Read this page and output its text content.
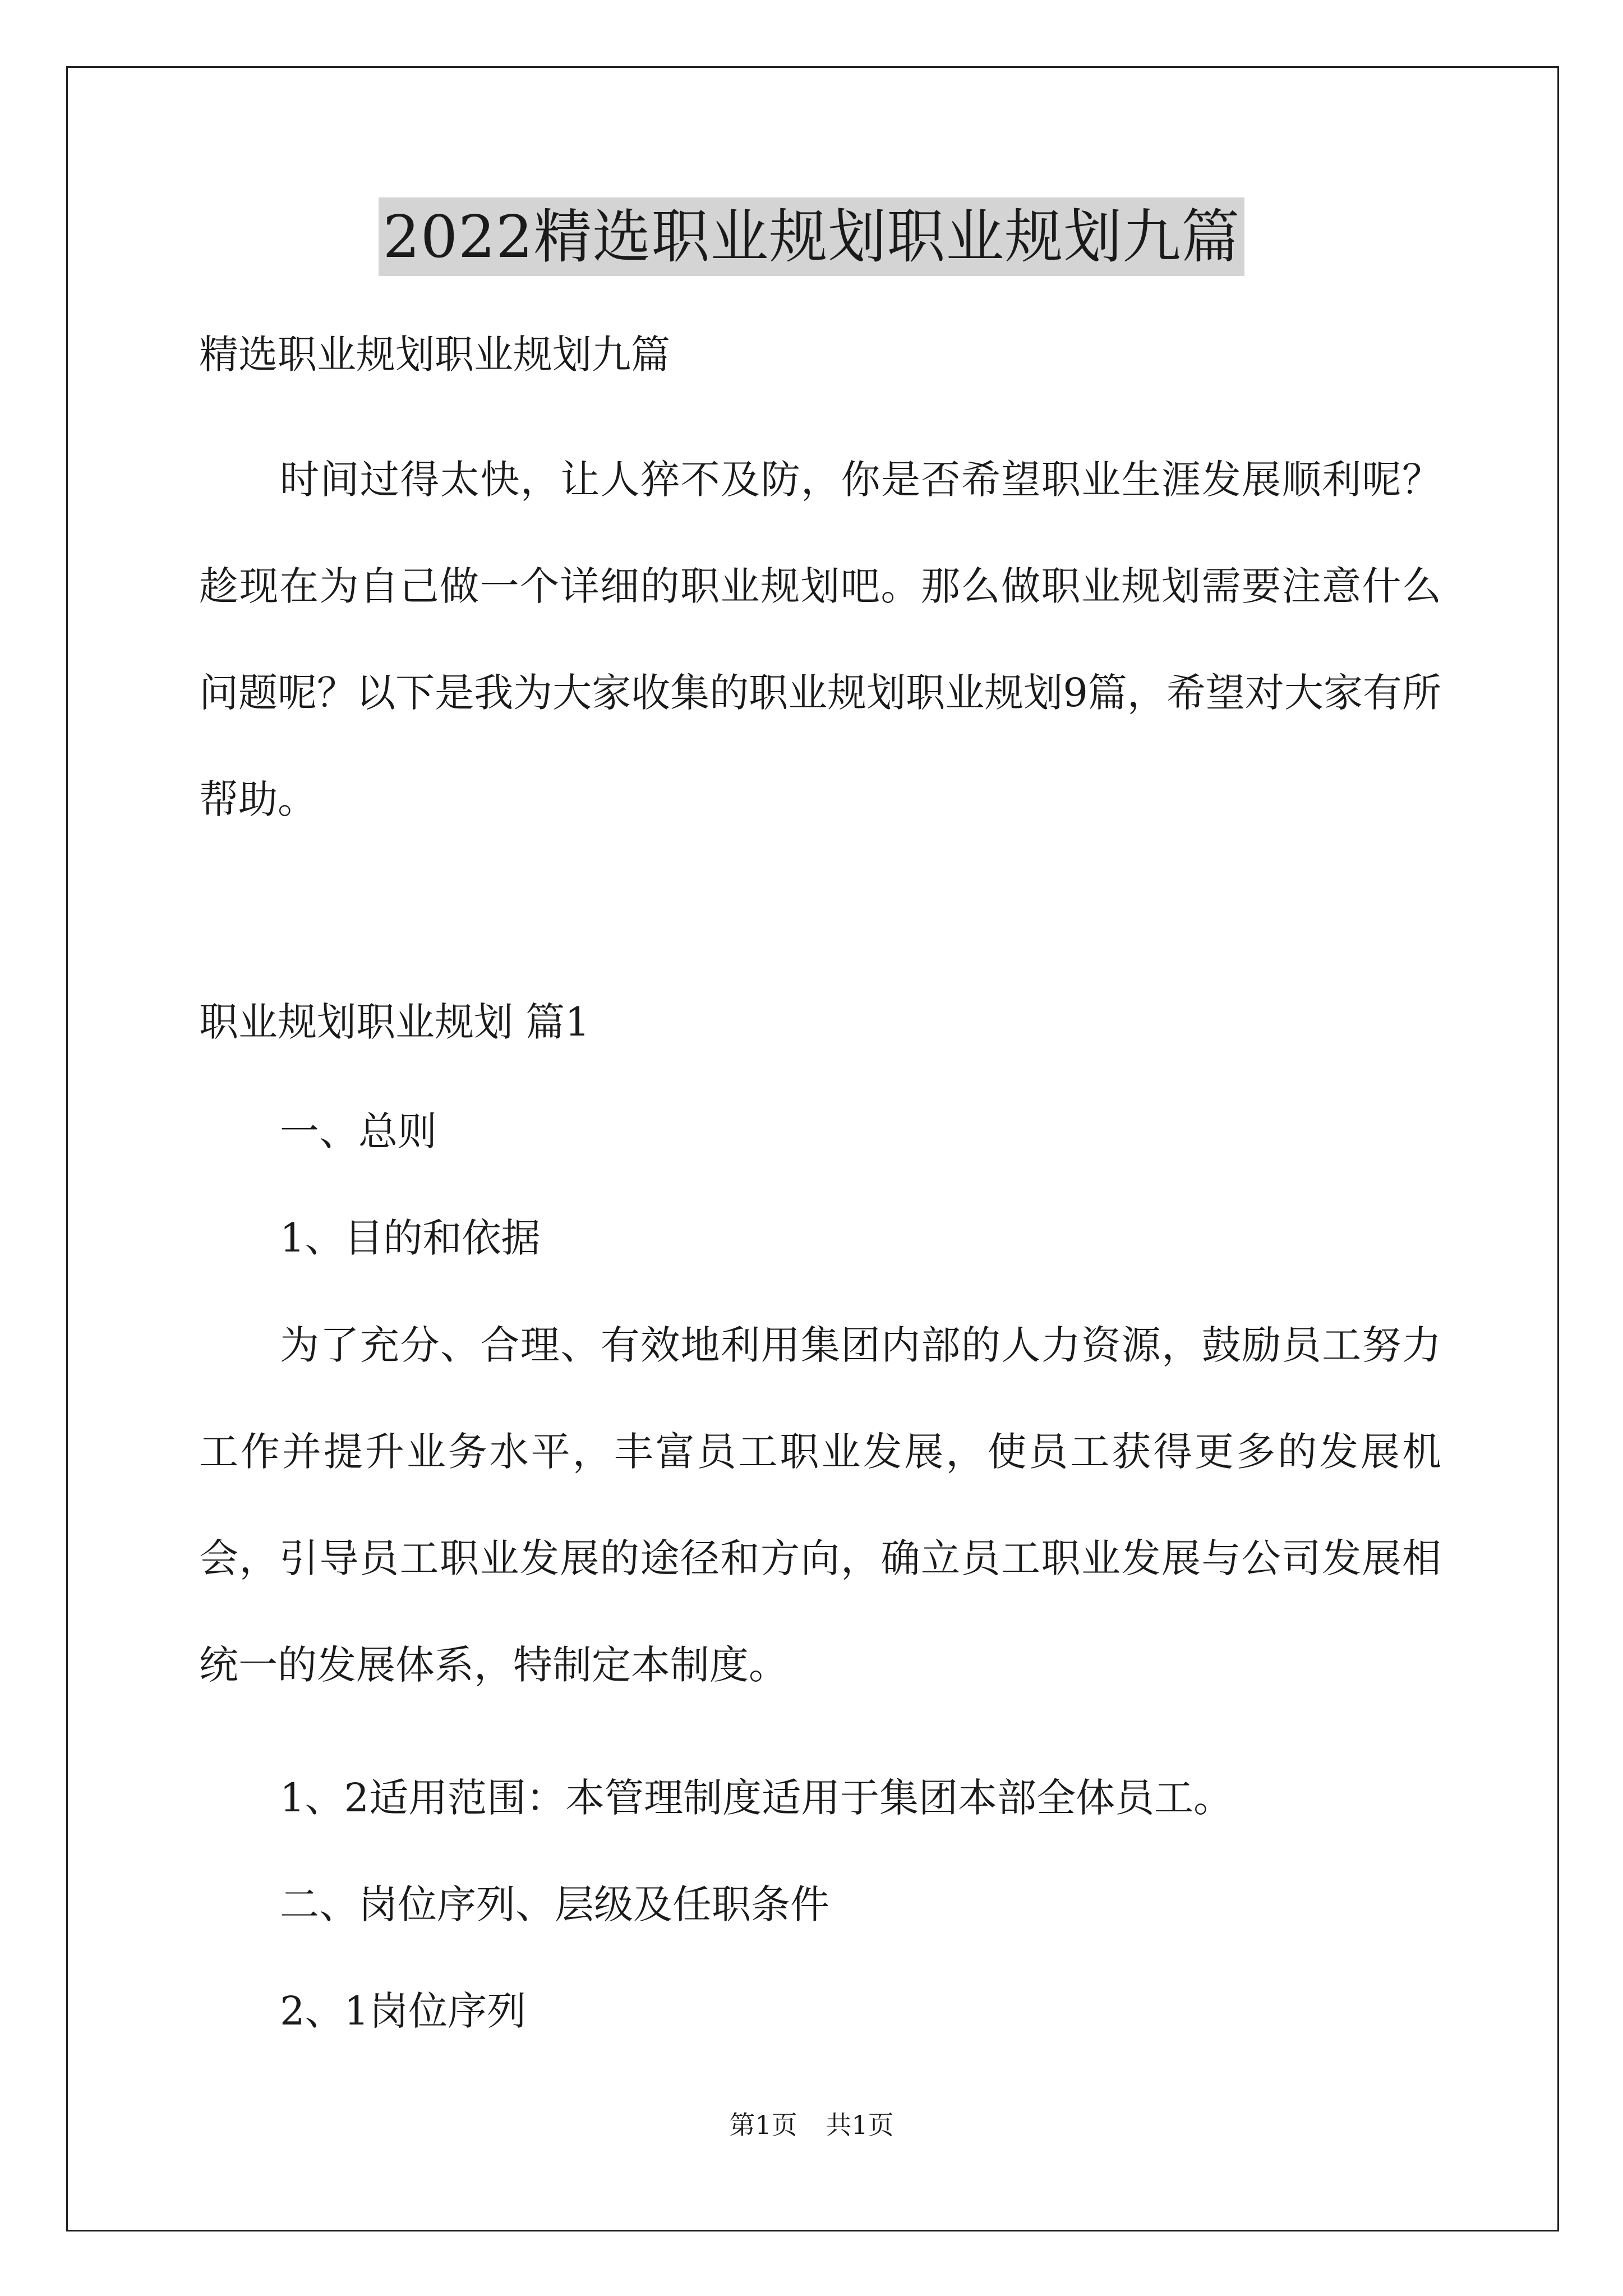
2022精选职业规划职业规划九篇

精选职业规划职业规划九篇

时间过得太快，让人猝不及防，你是否希望职业生涯发展顺利呢？趁现在为自己做一个详细的职业规划吧。那么做职业规划需要注意什么问题呢？以下是我为大家收集的职业规划职业规划9篇，希望对大家有所帮助。

职业规划职业规划 篇1

一、总则

1、目的和依据

为了充分、合理、有效地利用集团内部的人力资源，鼓励员工努力工作并提升业务水平，丰富员工职业发展，使员工获得更多的发展机会，引导员工职业发展的途径和方向，确立员工职业发展与公司发展相统一的发展体系，特制定本制度。

1、2适用范围：本管理制度适用于集团本部全体员工。

二、岗位序列、层级及任职条件

2、1岗位序列

第1页 共1页
